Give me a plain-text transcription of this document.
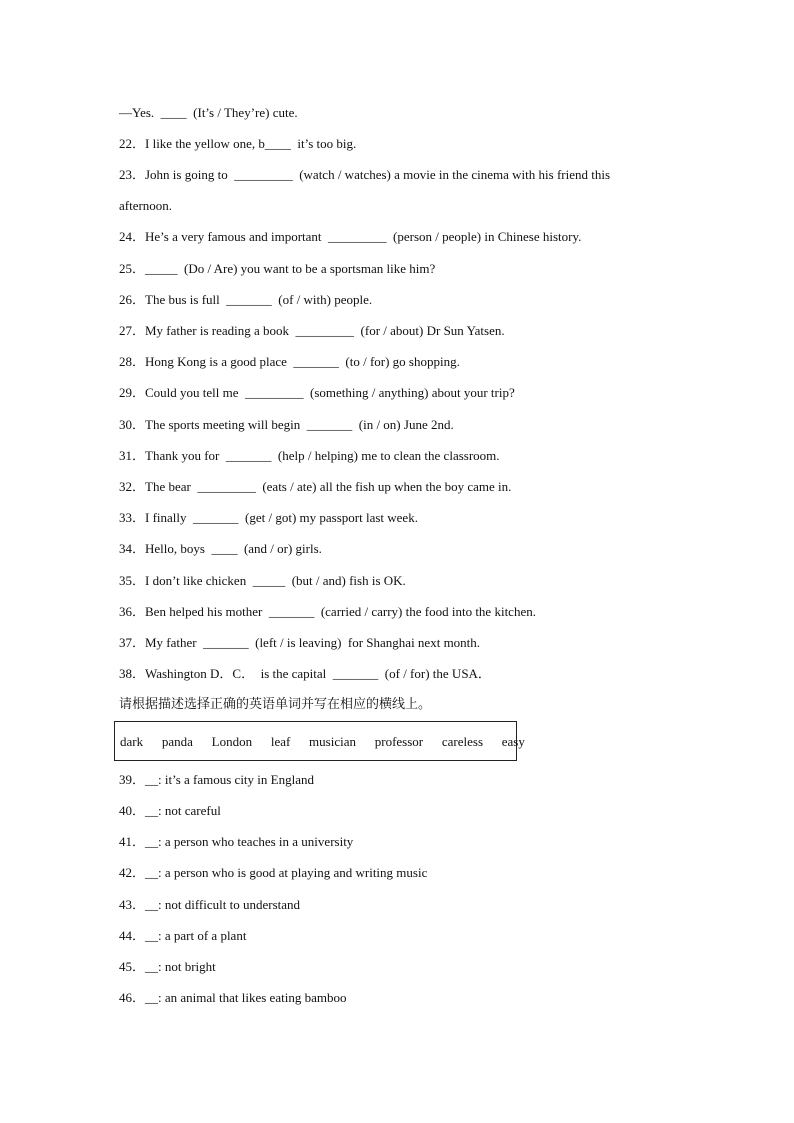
—Yes.  ____  (It’s / They’re) cute.
22．I like the yellow one, b____  it’s too big.
23．John is going to  _________  (watch / watches) a movie in the cinema with his friend this
afternoon.
24．He’s a very famous and important  _________  (person / people) in Chinese history.
25．_____  (Do / Are) you want to be a sportsman like him?
26．The bus is full  _______  (of / with) people.
27．My father is reading a book  _________  (for / about) Dr Sun Yatsen.
28．Hong Kong is a good place  _______  (to / for) go shopping.
29．Could you tell me  _________  (something / anything) about your trip?
30．The sports meeting will begin  _______  (in / on) June 2nd.
31．Thank you for  _______  (help / helping) me to clean the classroom.
32．The bear  _________  (eats / ate) all the fish up when the boy came in.
33．I finally  _______  (get / got) my passport last week.
34．Hello, boys  ____  (and / or) girls.
35．I don’t like chicken  _____  (but / and) fish is OK.
36．Ben helped his mother  _______  (carried / carry) the food into the kitchen.
37．My father  _______  (left / is leaving)  for Shanghai next month.
38．Washington D．C．  is the capital  _______  (of / for) the USA．
请根据描述选择正确的英语单词并写在相应的横线上。
dark   panda   London   leaf   musician   professor   careless   easy
39．__: it’s a famous city in England
40．__: not careful
41．__: a person who teaches in a university
42．__: a person who is good at playing and writing music
43．__: not difficult to understand
44．__: a part of a plant
45．__: not bright
46．__: an animal that likes eating bamboo
